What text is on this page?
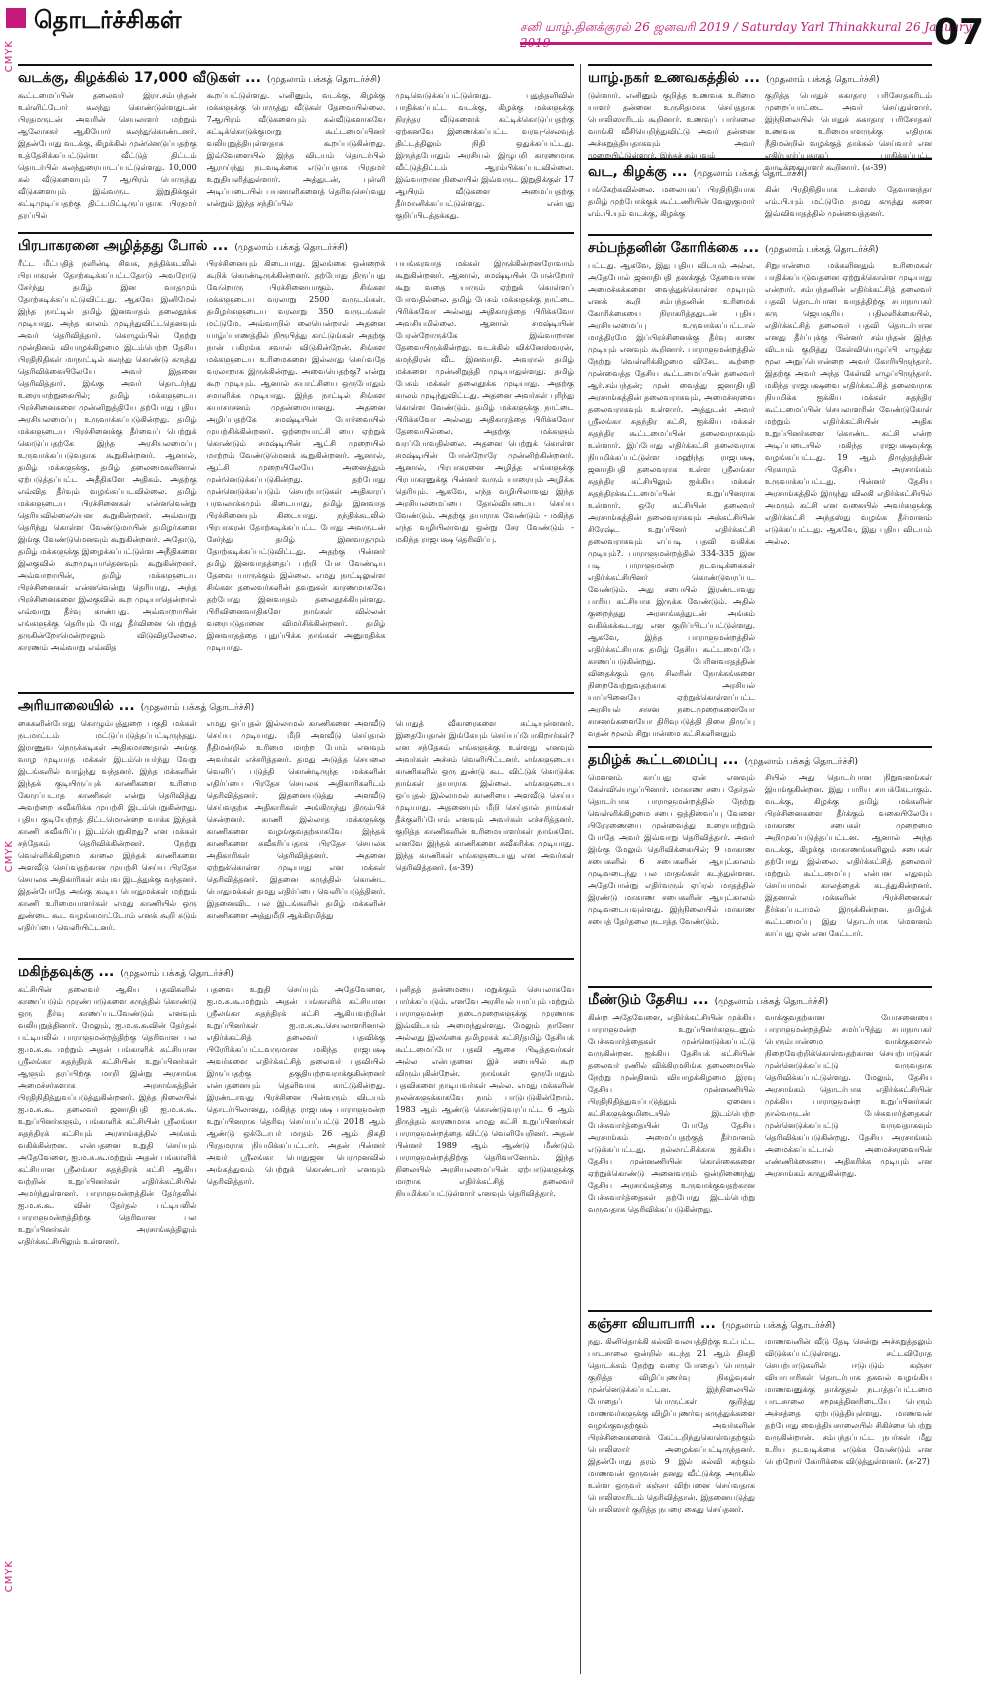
தொடர்ச்சிகள்	சனி யாழ்.தினக்குரல் 26 ஜனவரி 2019 / Saturday Yarl Thinakkural 26 January
07
CMYK
CMYK
CMYK
வடக்கு, கிழக்கில் 17,000 வீடுகள் ... (முதலாம் பக்கத் தொடர்ச்சி)
கூட்டமைப்பின் தலைவர் இரா.சம்பந்தன் உள்ளிட்டோர் கலந்து கொண்டுள்ளதுடன் பிரதமருடன் அவரின் செயலாளர் மற்றும் ஆலோசகர் ஆகியோர் கலந்துகொண்டனர். இதன்போது வடக்கு, கிழக்கில் முன்னெடுப்பதற்கு உத்தேசிக்கப்பட்டுள்ள வீட்டுத் திட்டம் தொடர்பில் கலந்துரையாடப்பட்டுள்ளது. 10,000 கல் வீடுகளையும் 7 ஆயிரம் பொருத்து வீடுகளையும் இவ்வருட இறுதிக்குள் கட்டிமுடிப்பதற்கு திட்டமிட்டிருப்பதாக பிரதமர் தரப்பில்
கூறப்பட்டுள்ளது. எனினும், வடக்கு, கிழக்கு மக்களுக்கு பொருத்து வீடுகள் தேவையில்லை. 7ஆயிரம் வீடுகளையும் கல்வீடுகளாகவே கட்டிக்கொடுக்குமாறு கூட்டமைப்பினர் வலியுறுத்தியுள்ளதாக கூறப்படுகின்றது. இவ்வேளையில் இந்த விடயம் தொடர்பில் ஆராய்ந்து நடவடிக்கை எடுப்பதாக பிரதமர் உறுதியளித்துள்ளார். அத்துடன், புள்ளி அடிப்படையில் பயனாளிகளைத் தெரிவுசெய்வது என்றும் இந்த சந்திப்பில்
முடிவெடுக்கப்பட்டுள்ளது. புதுத்தளிவில் பாதிக்கப்பட்ட வடக்கு, கிழக்கு மக்களுக்கு நிரந்தர வீடுகளைக் கட்டிக்கொடுப்பதற்கு ஏற்கனவே இணைக்கப்பட்ட வரவு-செலவுத் திட்டத்திலும் நிதி ஒதுக்கப்பட்டது. இருந்தபோதும் அரசியல் இழுபறி காரணமாக வீட்டுத்திட்டம் ஆரம்பிக்கப்படவில்லை. இவ்வாறான நிலையில் இவ்வருட இறுதிக்குள் 17 ஆயிரம் வீடுகளை அமைப்பதற்கு தீர்மானிக்கப்பட்டுள்ளது. என்பது குறிப்பிடத்தக்கது.
பிரபாகரனை அழித்தது போல் ... (முதலாம் பக்கத் தொடர்ச்சி)
ரீட்ட மீட்பதித் நளின்டி சிவசு, நத்திக்கடலில் பிரபாகரன் தோற்கடிக்கப்பட்டதோடு அவரோடு சேர்ந்து தமிழ் இன வாதமும் தோற்கடிக்கப்பட்டுவிட்டது. ஆகவே இனிமேல் இந்த நாட்டில் தமிழ் இனவாதம் தலைதூக்க முடியாது. அந்த காலம் முடிந்துவிட்டதெனவும் அவர் தெரிவித்தார். கொழும்பில் நேற்று முன்தினம் வியாழக்கிழமை இடம்பெற்ற தேசிய பிரதிநிதிகள் மாநாட்டில் கலந்து கொண்டு கருத்து தெரிவிக்கையிலேயே அவர் இதனை தெரிவித்தார். இங்கு அவர் தொடர்ந்து உரையாற்றுகையில்; தமிழ் மக்களுடைய பிரச்சினைகளை முன்னிறுத்தியே தற்போது புதிய அரசியலமைப்பு உருவாக்கப்படுகின்றது. தமிழ் மக்களுடைய பிரச்சினைக்கு தீர்வைப் பெற்றுக் கொடுப்பதற்கே இந்த அரசியலமைப்பு உருவாக்கப்படுவதாக கூறுகின்றனர். ஆனால், தமிழ் மக்களுக்கு, தமிழ் தலைமைகளினால் ஏற்படுத்தப்பட்ட அதீதிகளே அதிகம். அதற்கு எவ்வித தீர்வும் வழங்கப்படவில்லை. தமிழ் மக்களுடைய பிரச்சினைகள் என்னவென்று தெரியவில்லையென கூறுகின்றனர். அவ்வாறு தெரிந்து கொள்ள வேண்டுமாயின் தமிழர்களை இங்கு வேண்டுமெனவும் கூறுகின்றனர். அதோடு, தமிழ் மக்களுக்கு இழைக்கப்பட்டுள்ள அநீதிகளை இலகுவில் கூறமுடியாதெனவும் கூறுகின்றனர். அவ்வாறாயின், தமிழ் மக்களுடைய பிரச்சினைகள் என்னவென்று தெரியாது, அந்த பிரச்சினைகளை இலகுவில் கூற முடியாதென்றால் எவ்வாறு தீர்வு காண்பது. அவ்வாறாயின் எங்களுக்கு தெரியும் போது தீர்வினை பெற்றுத் தருகின்றோமென்றாலும் விடுவிதலேலை. காரணம் அவ்வாறு எவ்வித
பிரச்சினையும் கிடையாது. இலங்கை ஒன்றைக் கூறிக் கொண்டிருக்கின்றனர். தற்போது திருப்பது வேறொரு பிரச்சினையாகும். சிங்கள மக்களுடைய வரலாறு 2500 வருடங்கள். தமிழர்களுடைய வரலாறு 350 வருடங்கள் மட்டுமே. அவ்வாறில் லையென்றால் அதனை யாழ்ப்பாணத்தில் நிரூபித்து காட்டுங்கள் அதற்கு நான் பகிரங்க சவால் விடுகின்றேன். சிங்கள மக்களுடைய உரிமைகளை இல்லாது செய்வதே வரலாறாக இருக்கின்றது. அவையெதற்கு? என்று கூற முடியும். ஆனால் சுயாட்சியை ஒருபோதும் சமாளிக்க முடியாது. இந்த நாட்டில் சிங்கள சுயாசாசனம் முதன்மையானது. அதனை அழிப்பதற்கே சமஷ்டியின் போர்வையில் முயற்சிக்கின்றனர். ஒற்றையாட்சி யை ஏற்றுக் கொண்டும் சமஷ்டியின் ஆட்சி முறையில் மாற்றம் வேண்டுமெனக் கூறுகின்றனர். ஆனால், ஆட்சி முறையிலேயே அனைத்தும் முன்னெடுக்கப்படுகின்றது. தற்போது முன்னெடுக்கப்படும் செயற்பாடுகள் அதிகாரப் பரவலாக்கமும் கிடையாது, தமிழ் இனவாத பிரச்சினையும் கிடையாது. நந்திக்கடலில் பிரபாகரன் தோற்கடிக்கப்பட்ட போது அவருடன் சேர்ந்து தமிழ் இனவாதமும் தோற்கடிக்கப்பட்டுவிட்டது. அதற்கு பின்னர் தமிழ் இனவாதத்தைப் பற்றி பேச வேண்டிய தேவை யாருக்கும் இல்லை. எமது நாட்டிலுள்ள சிங்கள தலைவர்களின் தவறுகள் காரணமாகவே தற்போது இனவாதம் தலைதூக்கியுள்ளது. பிரிவினைவாதிகளே நாங்கள் வில்லன் வரைபடுதானை விமர்சிக்கின்றனர். தமிழ் இனவாதத்தை புதுப்பிக்க நாங்கள் அனுமதிக்க முடியாது.
பயங்கரவாத மக்கள் இருக்கின்றனரோவாம் கூறுகின்றனர். ஆனால், சமஷ்டியின் போன்றோர் கூறு வதை யாரும் ஏற்றுக் கொள்ளப் போவதில்லை. தமிழ் பேசும் மக்களுக்கு நாட்டை பிரிக்கவோ அல்லது அதிகாரத்தை பிரிக்கவோ அவசியமில்லை. ஆனால் சமஷ்டியின் பேரன்றோருக்கே இவ்வாறான தேவையிருக்கின்றது. வடக்கில் விக்னேஸ்வரன், சுமந்திரன் வீட இனவாதி. அவரால் தமிழ் மக்களை முன்னிறுத்தி முடியாதுள்ளது. தமிழ் பேசும் மக்கள் தலைதூக்க முடியாது. அதற்கு காலம் முடிந்துவிட்டது. அதனை அவர்கள் புரிந்து கொள்ள வேண்டும். தமிழ் மக்களுக்கு நாட்டை பிரிக்கவோ அல்லது அதிகாரத்தை பிரிக்கவோ தேவையில்லை. அதற்கு மக்களும் வரப்போவதில்லை. அதனை பெற்றுக் கொள்ள சமஷ்டியின் போன்றோரே முன்னிற்கின்றனர். ஆனால், பிரபாகரனை அழித்த எங்களுக்கு பிரபாகரனுக்கு பின்னர் வரும் யாரையும் அழிக்க தெரியும். ஆகவே, எந்த வழியிலாவது இந்த அரசியலமைப்பை தோல்வியடைய செய்ய வேண்டும். அதற்கு தயாராக வேண்டும் - மகிந்த எந்த வழியிலாவது ஒன்று சேர வேண்டும் - மகிந்த ராஜபக்ஷ தெரிவிப்பு.
அரியாலையில் ... (முதலாம் பக்கத் தொடர்ச்சி)
கைகளின்போது கொழும்புத்துறை பகுதி மக்கள் நடமாட்டம் மட்டுப்படுத்தப்பட்டிருந்தது. இராணுவ நெருக்கடிகள் அதிகமாணதால் அங்கு வாழ முடியாத மக்கள் இடம்பெயர்ந்து வேறு இடங்களில் வாழ்ந்து வந்தனர். இந்த மக்களின் இந்தக் குடியிருப்புக் காணிகளை உரிமை கோரப்படாத காணிகள் என்று தெரிவித்து அவற்றை சுவீகரிக்க முயற்சி இடம்பெறுகின்றது. புதிய குடியேற்றத் திட்டமொன்றை வாக்க இந்தக் காணி சுவீகரிப்பு இடம்பெறுகிறது? என மக்கள் சந்தேகம் தெரிவிக்கின்றனர். நேற்று வெள்ளிக்கிழமை காலை இந்தக் காணிகளை அளவீடு செய்வதற்கான முயற்சி செய்ய பிரதேச செயலக அதிகாரிகள் சம்பவ இடத்துக்கு வந்தனர். இதன்போதே அங்கு கூடிய பொதுமக்கள் மற்றும் காணி உரிமையாளர்கள் எமது காணியில் ஒரு துண்டை கூட வழங்கமாட்டோம் எனக் கூறி கடும் எதிர்ப்பை வெளியிட்டனர்.
எமது ஒப்புதல் இல்லாமல் காணிகளை அளவீடு செய்ய முடியாது. மீறி அளவீடு செய்தால் நீதிமன்றில் உரிமை மாற்ற போம் எனவும் அவர்கள் எச்சரித்தனர். தமது அடுத்த செயலை வெளிப் படுத்தி கொண்டிருந்த மக்களின் எதிர்ப்பை பிரதேச செயலக அதிகாரிகளிடம் தெரிவித்தனர். இதனையடுத்து அளவீடு செய்வதற்க அதிகாரிகள் அங்கிருந்து திரும்பிச் சென்றனர். காணி இல்லாத மக்களுக்கு காணிகளை வழங்குவதற்காகவே இந்தக் காணிகளை சுவீகரிப்பதாக பிரதேச செயலக அதிகாரிகள் தெரிவித்தனர். அதனை ஏற்றுக்கொள்ள முடியாது என மக்கள் தெரிவித்தனர். இதனை கருத்தில் கொண்ட பொதுமக்கள் தமது எதிர்ப்பை வெளிப்படுத்தினர். இதனைவிட பல இடங்களில் தமிழ் மக்களின் காணிகளை அத்துமீறி ஆக்கிரமித்து
பொதுத் வீகாரைகளை கட்டியுள்ளனர். இதையேதான் இங்கேயும் செய்யப்போகிறார்கள்? என சந்தேகம் எங்களுக்கு உள்ளது எனவும் அவர்கள் அச்சம் வெளியிட்டனர். எங்களுடைய காணிகளில் ஒரு துண்டு கூட விட்டுக் கொடுக்க நாங்கள் தயாராக இல்லை. எங்களுடைய ஒப்புதல் இல்லாமல் காணியை அளவீடு செய்ய முடியாது. அதனையும் மீறி செய்தால் நாங்கள் தீக்குளிப்போம் எனவும் அவர்கள் எச்சரித்தனர். குறித்த காணிகளின் உரிமையாளர்கள் நாங்களே. எனவே இந்தக் காணிகளை சுவீகரிக்க முடியாது. இந்த காணிகள் எங்களுடையது என அவர்கள் தெரிவித்தனர். (சு-39)
மகிந்தவுக்கு ... (முதலாம் பக்கத் தொடர்ச்சி)
கட்சியின் தலைவர் ஆகிய பதவிகளில் காணப்படும் முரண்பாடுகளை சுருத்தில் கொண்டு ஒரு தீர்வு காணப்படவேண்டும் எனவும் வலியுறுத்தினார். மேலும், ஐ.ம.சு.கூவின் தேர்தல் பட்டியலில் பாராளுமன்றத்திற்கு தெரிவான பல ஐ.ம.சு.கூ மற்றும் அதன் பங்காளிக் கட்சியான ஸ்ரீலங்கா சுதந்திரக் கட்சியின் உறுப்பினர்கள் ஆளும் தரப்பிற்கு மாறி இன்று அரசாங்க அமைச்சர்களாக அரசாங்கத்தின் பிரதிநிதித்துவப்படுத்துகின்றனர். இந்த நிலையில் ஐ.ம.சு.கூ. தலைவர் ஜனாதிபதி ஐ.ம.சு.கூ. உறுப்பினர்களும், பங்காளிக் கட்சியின் ஸ்ரீலங்கா சுதந்திரக் கட்சியும் அரசாங்கத்தில் அங்கம் வகிக்கின்றன. என்பதனை உறுதி செய்யும் அதேவேளை, ஐ.ம.சு.கூ.மற்றும் அதன் பங்காளிக் கட்சியான ஸ்ரீலங்கா சுதந்திரக் கட்சி ஆகிய வற்றின் உறுப்பினர்கள் எதிர்க்கட்சியில் அமர்ந்துள்ளனர். பாராளுமன்றத்தின் தேர்தலில் ஐ.ம.சு.கூ. வின் தேர்தல் பட்டியலில் பாராளுமன்றத்திற்கு தெரிவான பல உறுப்பினர்கள் அரசாங்கத்திலும் எதிர்க்கட்சியிலும் உள்ளனர்.
பதவை உறுதி செய்யும் அதேவேளை, ஐ.ம.சு.கூ.மற்றும் அதன் பங்காளிக் கட்சியான ஸ்ரீலங்கா சுதந்திரக் கட்சி ஆகியவற்றின் உறுப்பினர்கள் ஐ.ம.சு.கூ.செயலாளரினால் எதிர்க்கட்சித் தலைவர் பதவிக்கு பிரேரிக்கப்பட்டவருமான மகிந்த ராஜபக்ஷ அவர்களை எதிர்க்கட்சித் தலைவர் பதவியில் இருப்பதற்கு தகுதியற்றவராக்குகின்றனர் என்பதனையும் தெளிவாக காட்டுகின்றது. இரண்டாவது பிரச்சினை பின்வரும் விடயம் தொடர்பிலானது, மகிந்த ராஜபக்ஷ பாராளுமன்ற உறுப்பினராக தெரிவு செய்யப்பட்டு 2018 ஆம் ஆண்டு ஒக்டோபர் மாதம் 26 ஆம் திகதி பிரதமராக நியமிக்கப்பட்டார். அதன் பின்னர் அவர் ஸ்ரீலங்கா பொதுஜன பெரமுனவில் அங்கத்துவம் பெற்றுக் கொண்டார் எனவும் தெரிவித்தார்.
புனிதத் தன்மையை மறுக்கும் செயலாகவே பார்க்கப்படும். எனவே அரசியல் யாப்பும் மற்றும் பாராளுமன்ற நடைமுறைகளுக்கு முரணாக இவ்விடயம் அமைந்துள்ளது. மேலும் நானோ அல்லது இலங்கை தமிழரசுக் கட்சி/தமிழ் தேசியக் கூட்டமைப்போ பதவி ஆசை பிடித்தவர்கள் அல்ல என்பதனை இச் சபையில் கூற விரும்புகின்றேன். நாங்கள் ஒருபோதும் பதவிகளை நாடியவர்கள் அல்ல. எமது மக்களின் நலன்களுக்காகவே நாம் பாடுபடுகின்றோம். 1983 ஆம் ஆண்டு கொண்டுவரப்பட்ட 6 ஆம் திருத்தம் காரணமாக எமது கட்சி உறுப்பினர்கள் பாராளுமன்றத்தை விட்டு வெளியேறினர். அதன் பின்னர் 1989 ஆம் ஆண்டு மீண்டும் பாராளுமன்றத்திற்கு தெரிவானோம். இந்த நிலையில் அரசியலமைப்பின் ஏற்பாடுகளுக்கு மாறாக எதிர்க்கட்சித் தலைவர் நியமிக்கப்பட்டுள்ளார் எனவும் தெரிவித்தார்.
யாழ்.நகர் உணவகத்தில் ... (முதலாம் பக்கத் தொடர்ச்சி)
டுள்ளார். எனினும் குறித்த உணவக உரிமை யாளர் தன்னை உருசிதமாக செய்ததாக பொலிஸாரிடம் கூறினார். உணவுப் பார்சலை வாங்கி வீசியெறிந்துவிட்டு அவர் தன்னை அச்சுறுத்தியதாகவும் அவர் முறையிட்டுள்ளார். இந்தச் சம்பவம்
குறித்த பொதுச் சுகாதார பரிசோதகரிடம் முறைப்பாட்டை அவர் செய்துள்ளார். இந்நிலையில் பொதுச் சுகாதார பரிசோதகர் உணவக உரிமையாளருக்கு எதிராக நீதிமன்றில் வழக்குத் தாக்கல் செய்வார் என எதிர்பார்ப்பதாகப் பாதிக்கப்பட்ட வாடிக்கையாளர் கூறினார். (சு-39)
வட, கிழக்கு ... (முதலாம் பக்கத் தொடர்ச்சி)
பங்கேற்கவில்லை. மலையகப் பிரதிநிதியாக தமிழ் முற்போக்குக் கூட்டணியின் வேலுகுமார் எம்.பி.யும் வடக்கு, கிழக்கு
கின் பிரதிநிதியாக டக்ளஸ் தேவானந்தா எம்.பி.யும் மட்டுமே தமது கருத்து களை இவ்விவாதத்தில் முன்வைத்தனர்.
சம்பந்தனின் கோரிக்கை ... (முதலாம் பக்கத் தொடர்ச்சி)
பட்டது. ஆகவே, இது புதிய விடயம் அல்ல. அதேபோல் ஜனாதிபதி தனக்குத் தேவையான அமைச்சுக்களை வைத்துக்கொள்ள முடியும் எனக் கூறி சம்பந்தனின் உரிமைக் கோரிக்கையை நிராகரித்ததுடன் புதிய அரசியலமைப்பு உருவாக்கப்பட்டால் மாத்திரமே இப்பிரச்சினைக்கு தீர்வு காண முடியும் எனவும் கூறினார். பாராளுமன்றத்தில் நேற்று வெள்ளிக்கிழமை விசேட கூற்றை முன்வைத்த தேசிய கூட்டமைப்பின் தலைவர் ஆர்.சம்பந்தன்; முன் வைத்து ஜனாதிபதி அரசாங்கத்தின் தலைவராகவும், அமைச்சரவை தலைவராகவும் உள்ளார். அத்துடன் அவர் ஸ்ரீலங்கா சுதந்திர கட்சி, ஐக்கிய மக்கள் சுதந்திர கூட்டமைப்பின் தலைவராகவும் உள்ளார். இப்போது எதிர்க்கட்சி தலைவராக நியமிக்கப்பட்டுள்ள மஹிந்த ராஜபக்ஷ, ஜனாதிபதி தலைவராக உள்ள ஸ்ரீலங்கா சுதந்திர கட்சியிலும் ஐக்கிய மக்கள் சுதந்திரக்கூட்டமைப்பின் உறுப்பினராக உள்ளார். ஒரே கட்சியின் தலைவர் அரசாங்கத்தின் தலைவராகவும் அக்கட்சியின் சிரேஷ்ட உறுப்பினர் எதிர்க்கட்சி தலைவராகவும் எப்படி பதவி வகிக்க முடியும்?. பாராளுமன்றத்தில் 334-335 இன படி பாராளுமன்ற நடவடிக்கைகள் எதிர்க்கட்சியினர் கொண்டுவரப்பட வேண்டும். அது சபையில் இரண்டாவது பாரிய கட்சியாக இருக்க வேண்டும். அதில் குறைந்தது அரசாங்கத்துடன் அங்கம் வகிக்கக்கூடாது என குறிப்பிடப்பட்டுள்ளது. ஆகவே, இந்த பாராளுமன்றத்தில் எதிர்க்கட்சியாக தமிழ் தேசிய கூட்டமைப்பே காணப்படுகின்றது. பேரினவாதத்தின் விதைக்கும் ஒரு சிலரின் நோக்கங்களை நிறைவேற்றுவதற்காக அரசியல் யாப்பினையே ஏற்றுக்கொள்ளப்பட்ட அரசியல் சாசன நடைமுறைகளையோ சாசனங்களையோ திரிவுபடுத்தி திசை திருப்பு வதன் மூலம் சிறுபான்மை கட்சிகளினதும்
சிறுபான்மை மக்களினதும் உரிமைகள் பாதிக்கப்படுவதனை ஏற்றுக்கொள்ள முடியாது என்றார். சம்பந்தனின் எதிர்க்கட்சித் தலைவர் பதவி தொடர்பான வாதத்திற்கு சபாநாயகர் கரு ஜெயசூரிய பதிலளிக்கையில், எதிர்க்கட்சித் தலைவர் பதவி தொடர்பான எனது தீர்ப்புக்கு பின்னர் சம்பந்தன் இந்த விடயம் குறித்து கேள்வியெழுப்பி எழுத்து மூல அறுப்பொன்றை அவர் கோரியிருந்தார். இதற்கு அவர் அந்த கேள்வி எழுப்பிருந்தார். மகிந்த ராஜபக்ஷவை எதிர்க்கட்சித் தலைவராக நியமிக்க ஐக்கிய மக்கள் சுதந்திர கூட்டமைப்பின் செயலாளரின் வேண்டுகோள் மற்றும் எதிர்க்கட்சியின் அதிக உறுப்பினர்களை கொண்ட கட்சி என்ற அடிப்படையில் மகிந்த ராஜபக்ஷவுக்கு வழங்கப்பட்டது. 19 ஆம் திருத்தத்தின் பிரகாரம் தேசிய அரசாங்கம் உருவாக்கப்பட்டது. பின்னர் தேசிய அரசாங்கத்தில் இருந்து விலகி எதிர்க்கட்சியில் அமரும் கட்சி என வகையில் அவர்களுக்கு எதிர்க்கட்சி அந்தஸ்து வழங்க தீர்மானம் எடுக்கப்பட்டது. ஆகவே, இது புதிய விடயம் அல்ல.
தமிழ்க் கூட்டமைப்பு ... (முதலாம் பக்கத் தொடர்ச்சி)
மௌனம் காப்பது ஏன் எனவும் கேள்வியெழுப்பினார். மாகாண சபை தேர்தல் தொடர்பாக பாராளுமன்றத்தில் நேற்று வெள்ளிக்கிழமை சபை ஒத்திவைப்பு வேளை பிரேரணையை முன்வைத்து உரையாற்றும் போதே அவர் இவ்வாறு தெரிவித்தார். அவர் இங்கு மேலும் தெரிவிக்கையில்; 9 மாகாண சபைகளில் 6 சபைகளின் ஆயுட்காலம் முடிவடைந்து பல மாதங்கள் கடந்துள்ளன. அதேபோன்று எதிர்வரும் ஏப்ரல் மாதத்தில் இரண்டு மாகாண சபைகளின் ஆயுட்காலம் முடிவடையவுள்ளது. இந்நிலையில் மாகாண சபைத் தேர்தலை நடாத்த வேண்டும்.
சியில் அது தொடர்பான நிறுவனங்கள் இயங்குகின்றன. இது பாரிய சாபக்கேடாகும். வடக்கு, கிழக்கு தமிழ் மக்களின் பிரச்சினைகளை தீர்க்கும் வகையிலேயே மாகாண சபைகள் முறைமை அறிமுகப்படுத்தப்பட்டன. ஆனால் அந்த வடக்கு, கிழக்கு மாகாணங்களிலும் சபைகள் தற்போது இல்லை. எதிர்க்கட்சித் தலைவர் மற்றும் கூட்டமைப்பு என்பன எதுவும் செய்யாமல் காலத்தைக் கடத்துகின்றனர். இதனால் மக்களின் பிரச்சினைகள் தீர்க்கப்படாமல் இருக்கின்றன. தமிழ்க் கூட்டமைப்பு இது தொடர்பாக மௌனம் காப்பது ஏன் என கேட்டார்.
மீண்டும் தேசிய ... (முதலாம் பக்கத் தொடர்ச்சி)
கின்ற அதேவேளை, எதிர்க்கட்சியின் முக்கிய பாராளுமன்ற உறுப்பினர்களுடனும் பேச்சுவார்த்தைகள் முன்னெடுக்கப்பட்டு வருகின்றன. ஐக்கிய தேசியக் கட்சியின் தலைவர் ரணில் விக்கிரமசிங்க தலைமையில் நேற்று முன்தினம் வியாழக்கிழமை இரவு தேசிய முன்னணியில் பிரதிநிதித்துவப்படுத்தும் ஏனைய கட்சிகளுக்குமிடையில் இடம்பெற்ற பேச்சுவார்த்தையின் போதே தேசிய அரசாங்கம் அமைப்பதற்குத் தீர்மானம் எடுக்கப்பட்டது. நல்லாட்சிக்காக ஐக்கிய தேசிய முன்னணியின் கொள்கைகளை ஏற்றுக்கொண்டு அனைவரும் ஒன்றிணைந்து தேசிய அரசாங்கத்தை உருவாக்குவதற்கான பேச்சுவார்த்தைகள் தற்போது இடம்பெற்று வருவதாக தெரிவிக்கப்படுகின்றது.
வாக்குவதற்கான யோசனையை பாராளுமன்றத்தில் சமர்ப்பித்து சபாநாயகர் பெரும்பான்மை வாக்குகளால் நிறைவேற்றிக்கொள்வதற்கான செயற்பாடுகள் முன்னெடுக்கப்பட்டு வருவதாக தெரிவிக்கப்பட்டுள்ளது. மேலும், தேசிய அரசாங்கம் தொடர்பாக எதிர்க்கட்சியின் முக்கிய பாராளுமன்ற உறுப்பினர்கள் நால்வருடன் பேச்சுவார்த்தைகள் முன்னெடுக்கப்பட்டு வருவதாகவும் தெரிவிக்கப்படுகின்றது. தேசிய அரசாங்கம் அமைக்கப்பட்டால் அமைச்சரவையின் எண்ணிக்கையை அதிகரிக்க முடியும் என அரசாங்கம் கருதுகின்றது.
கஞ்சா வியாபாரி ... (முதலாம் பக்கத் தொடர்ச்சி)
நது. கினிதொக்கி கல்வி வலயத்திற்கு உட்பட்ட பாடசாலை ஒன்றில் கடந்த 21 ஆம் திகதி தொடக்கம் நேற்று வரை போதைப் பொருள் குறித்த விழிப்புணர்வு நிகழ்வுகள் முன்னெடுக்கப்பட்டன. இந்நிலையில் போதைப் பொருட்கள் குறித்து மாணவர்களுக்கு விழிப்புணர்வு கருத்துக்களை வழங்குவதற்கும் அவர்களின் பிரச்சினைகளைக் கேட்டறிந்துகொள்வதற்கும் பொலிஸார் அழைக்கப்பட்டிருந்தனர். இதன்போது தரம் 9 இல் கல்வி கற்கும் மாணவன் ஒருவன் தனது வீட்டுக்கு அருகில் உள்ள ஒருவர் கஞ்சா விற்பனை செய்வதாக பொலிஸாரிடம் தெரிவித்தான். இதனையடுத்து பொலிஸார் குறித்த நபரை கைது செய்தனர்.
மாணவனின் வீடு தேடி சென்று அச்சுறுத்தலும் விடுக்கப்பட்டுள்ளது. சட்டவிரோத செயற்பாடுகளில் ஈடுபடும் கஞ்சா வியாபாரிகள் தொடர்பாக தகவல் வழங்கிய மாணவனுக்கு தாக்குதல் நடாத்தப்பட்டமை பாடசாலை சமூகத்தினரிடையே பெரும் அச்சத்தை ஏற்படுத்தியுள்ளது. மாணவன் தற்போது வைத்தியசாலையில் சிகிச்சை பெற்று வருகின்றான். சம்பந்தப்பட்ட நபர்கள் மீது உரிய நடவடிக்கை எடுக்க வேண்டும் என பெற்றோர் கோரிக்கை விடுத்துள்ளனர். (சு-27)
